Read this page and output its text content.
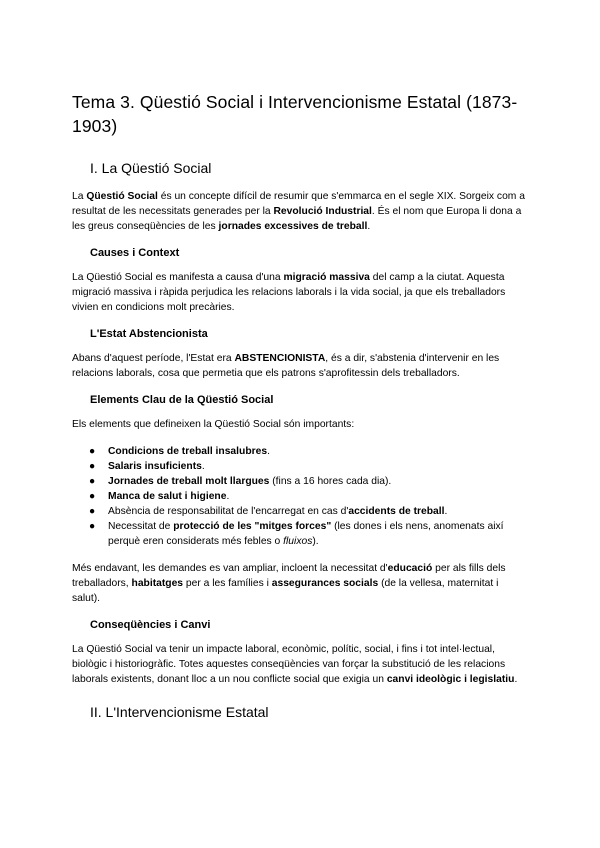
Tema 3. Qüestió Social i Intervencionisme Estatal (1873-1903)
I. La Qüestió Social

La Qüestió Social és un concepte difícil de resumir que s'emmarca en el segle XIX. Sorgeix com a resultat de les necessitats generades per la Revolució Industrial. És el nom que Europa li dona a les greus conseqüències de les jornades excessives de treball.

Causes i Context

La Qüestió Social es manifesta a causa d'una migració massiva del camp a la ciutat. Aquesta migració massiva i ràpida perjudica les relacions laborals i la vida social, ja que els treballadors vivien en condicions molt precàries.

L'Estat Abstencionista

Abans d'aquest període, l'Estat era ABSTENCIONISTA, és a dir, s'abstenia d'intervenir en les relacions laborals, cosa que permetia que els patrons s'aprofitessin dels treballadors.

Elements Clau de la Qüestió Social

Els elements que defineixen la Qüestió Social són importants:

● Condicions de treball insalubres.
● Salaris insuficients.
● Jornades de treball molt llargues (fins a 16 hores cada dia).
● Manca de salut i higiene.
● Absència de responsabilitat de l'encarregat en cas d'accidents de treball.
● Necessitat de protecció de les "mitges forces" (les dones i els nens, anomenats així perquè eren considerats més febles o fluixos).

Més endavant, les demandes es van ampliar, incloent la necessitat d'educació per als fills dels treballadors, habitatges per a les famílies i assegurances socials (de la vellesa, maternitat i salut).

Conseqüències i Canvi

La Qüestió Social va tenir un impacte laboral, econòmic, polític, social, i fins i tot intel·lectual, biològic i historiogràfic. Totes aquestes conseqüències van forçar la substitució de les relacions laborals existents, donant lloc a un nou conflicte social que exigia un canvi ideològic i legislatiu.

II. L'Intervencionisme Estatal
